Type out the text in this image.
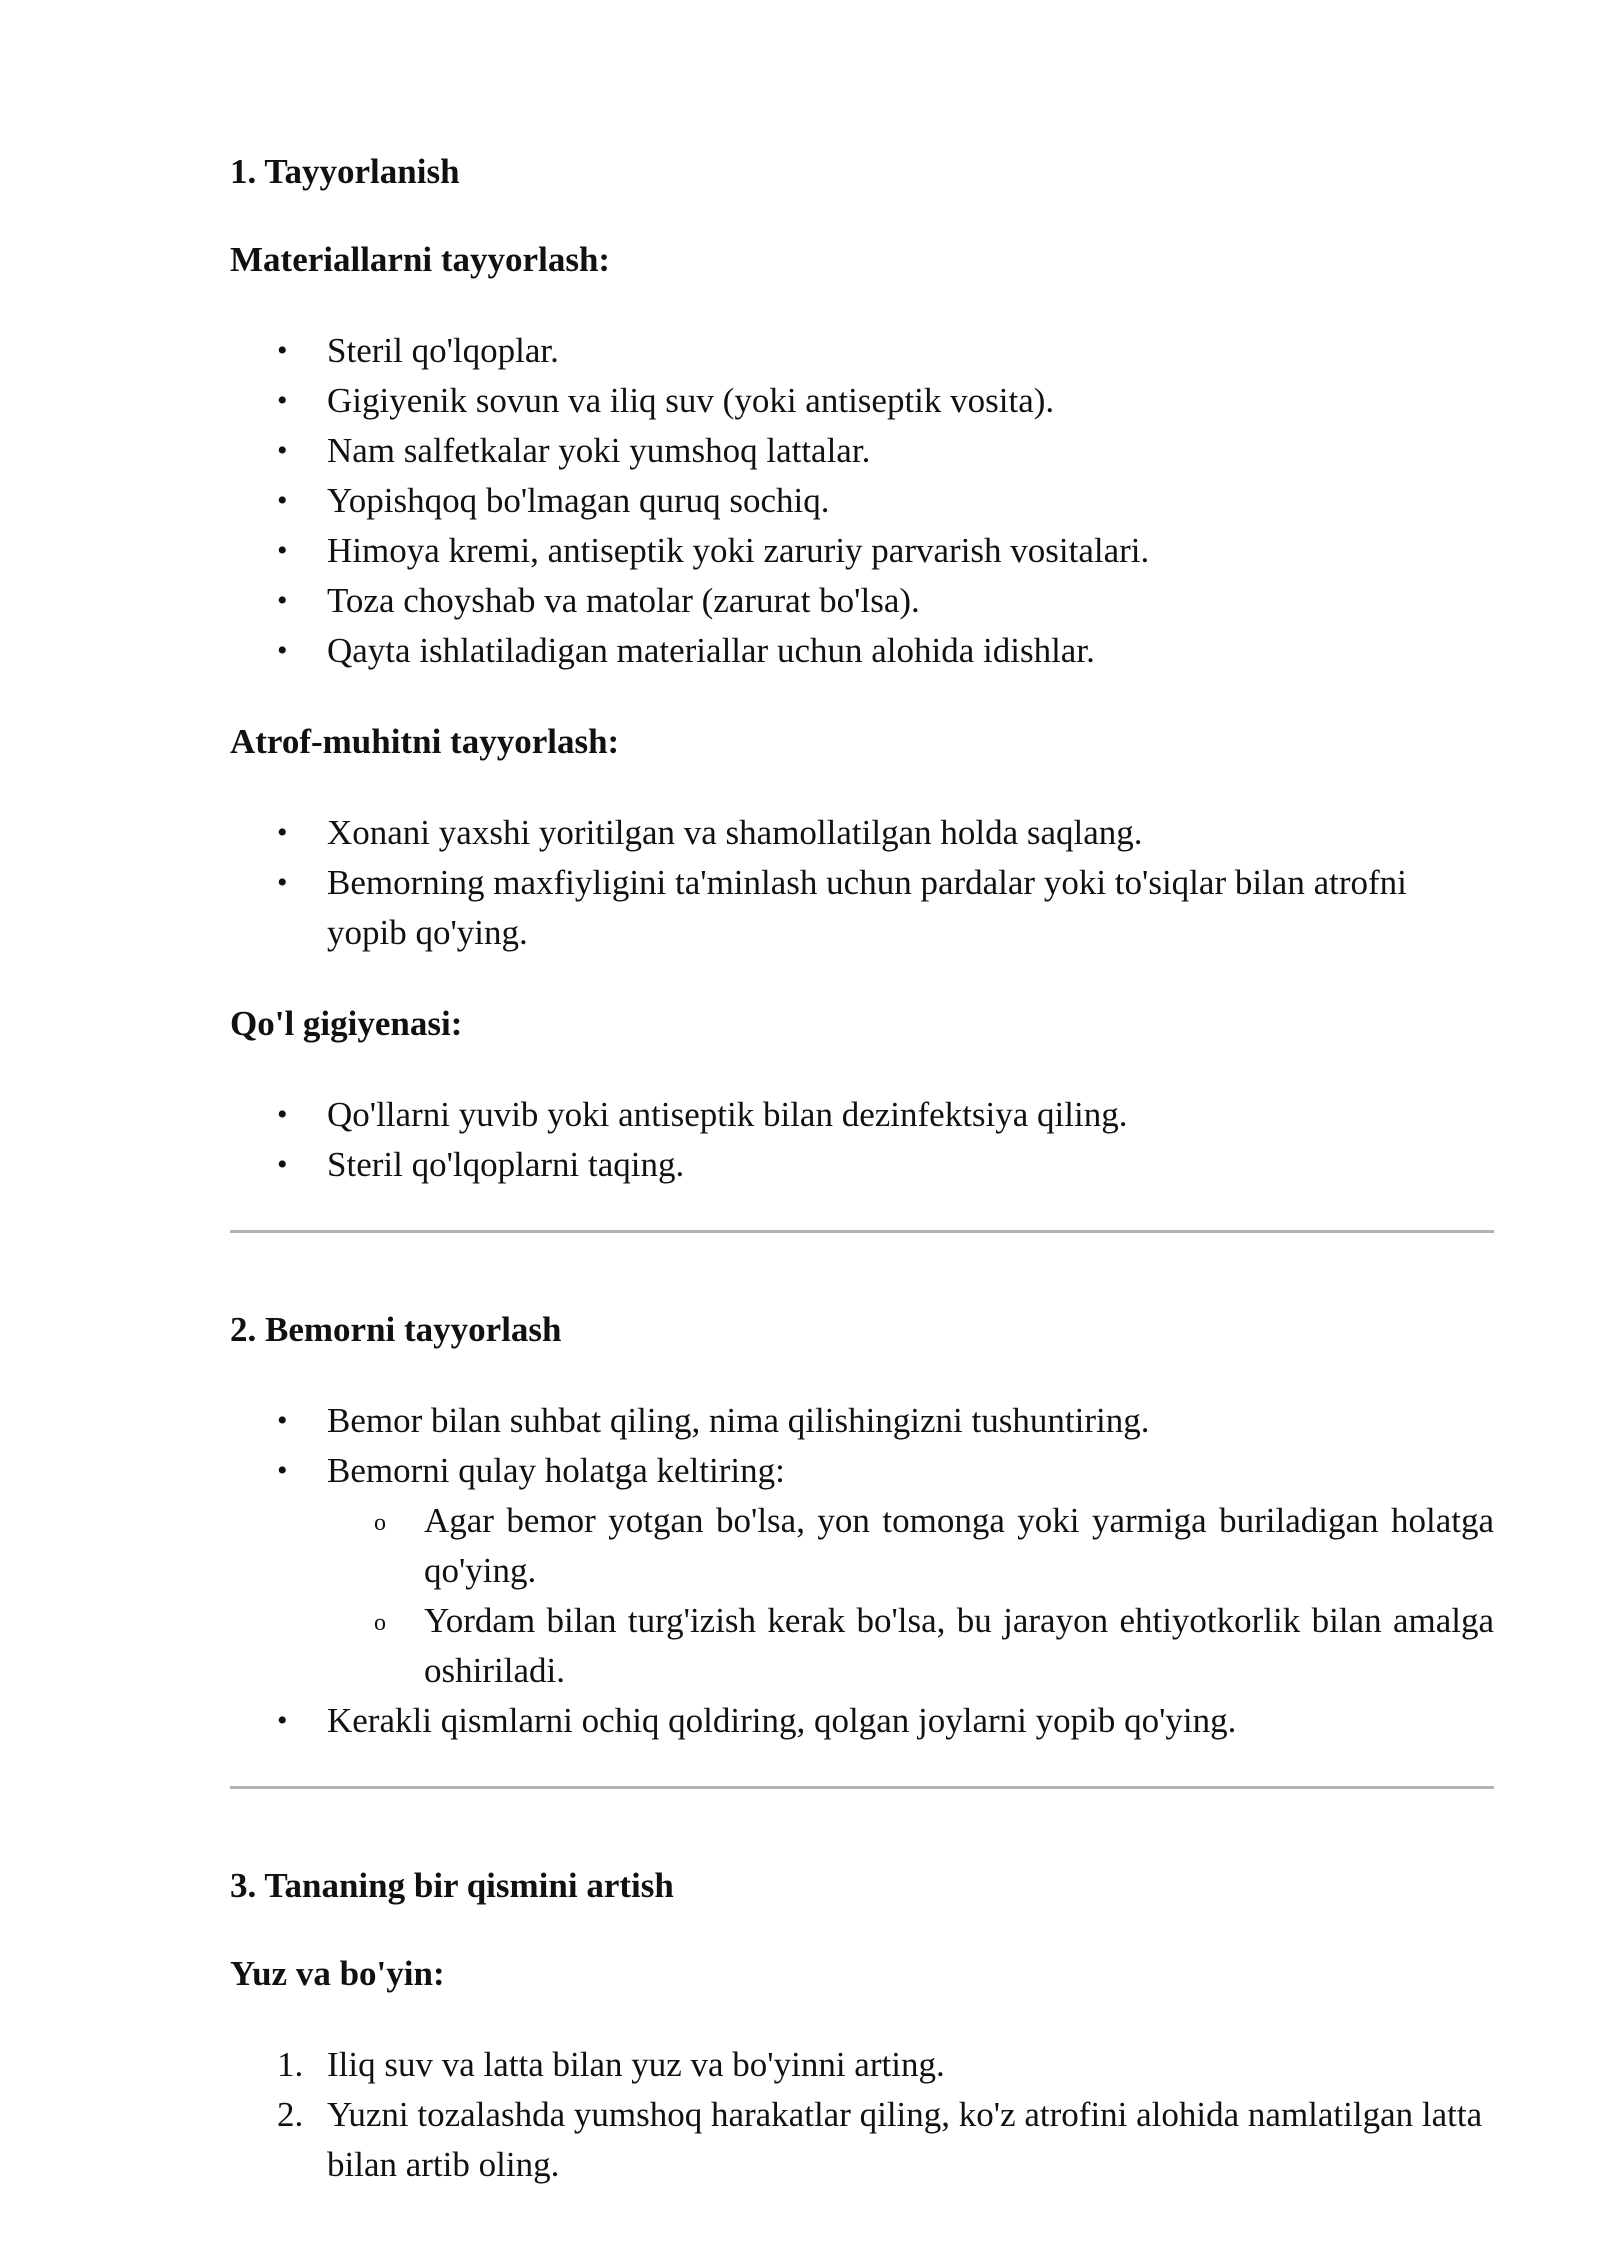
1. Tayyorlanish
Materiallarni tayyorlash:
• Steril qo'lqoplar.
• Gigiyenik sovun va iliq suv (yoki antiseptik vosita).
• Nam salfetkalar yoki yumshoq lattalar.
• Yopishqoq bo'lmagan quruq sochiq.
• Himoya kremi, antiseptik yoki zaruriy parvarish vositalari.
• Toza choyshab va matolar (zarurat bo'lsa).
• Qayta ishlatiladigan materiallar uchun alohida idishlar.
Atrof-muhitni tayyorlash:
• Xonani yaxshi yoritilgan va shamollatilgan holda saqlang.
• Bemorning maxfiyligini ta'minlash uchun pardalar yoki to'siqlar bilan atrofni yopib qo'ying.
Qo'l gigiyenasi:
• Qo'llarni yuvib yoki antiseptik bilan dezinfektsiya qiling.
• Steril qo'lqoplarni taqing.
2. Bemorni tayyorlash
• Bemor bilan suhbat qiling, nima qilishingizni tushuntiring.
• Bemorni qulay holatga keltiring:
o Agar bemor yotgan bo'lsa, yon tomonga yoki yarmiga buriladigan holatga qo'ying.
o Yordam bilan turg'izish kerak bo'lsa, bu jarayon ehtiyotkorlik bilan amalga oshiriladi.
• Kerakli qismlarni ochiq qoldiring, qolgan joylarni yopib qo'ying.
3. Tananing bir qismini artish
Yuz va bo'yin:
1. Iliq suv va latta bilan yuz va bo'yinni arting.
2. Yuzni tozalashda yumshoq harakatlar qiling, ko'z atrofini alohida namlatilgan latta bilan artib oling.
